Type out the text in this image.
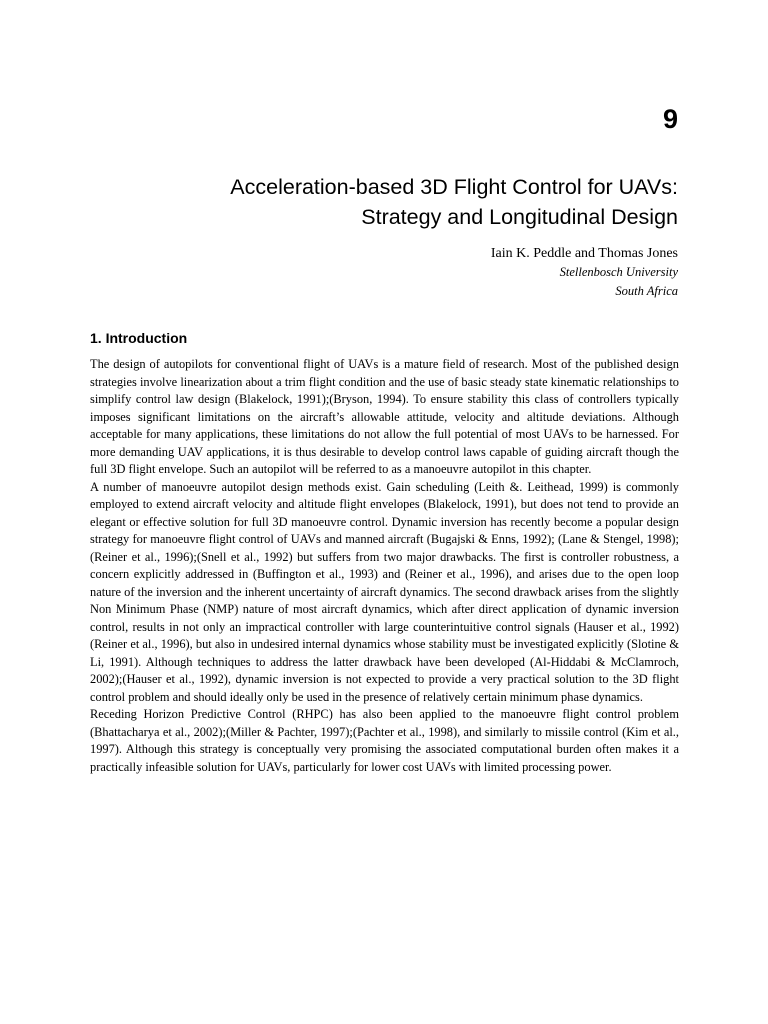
9
Acceleration-based 3D Flight Control for UAVs:
Strategy and Longitudinal Design
Iain K. Peddle and Thomas Jones
Stellenbosch University
South Africa
1. Introduction

The design of autopilots for conventional flight of UAVs is a mature field of research. Most of the published design strategies involve linearization about a trim flight condition and the use of basic steady state kinematic relationships to simplify control law design (Blakelock, 1991);(Bryson, 1994). To ensure stability this class of controllers typically imposes significant limitations on the aircraft’s allowable attitude, velocity and altitude deviations. Although acceptable for many applications, these limitations do not allow the full potential of most UAVs to be harnessed. For more demanding UAV applications, it is thus desirable to develop control laws capable of guiding aircraft though the full 3D flight envelope. Such an autopilot will be referred to as a manoeuvre autopilot in this chapter.

A number of manoeuvre autopilot design methods exist. Gain scheduling (Leith &. Leithead, 1999) is commonly employed to extend aircraft velocity and altitude flight envelopes (Blakelock, 1991), but does not tend to provide an elegant or effective solution for full 3D manoeuvre control. Dynamic inversion has recently become a popular design strategy for manoeuvre flight control of UAVs and manned aircraft (Bugajski & Enns, 1992); (Lane & Stengel, 1998);(Reiner et al., 1996);(Snell et al., 1992) but suffers from two major drawbacks. The first is controller robustness, a concern explicitly addressed in (Buffington et al., 1993) and (Reiner et al., 1996), and arises due to the open loop nature of the inversion and the inherent uncertainty of aircraft dynamics. The second drawback arises from the slightly Non Minimum Phase (NMP) nature of most aircraft dynamics, which after direct application of dynamic inversion control, results in not only an impractical controller with large counterintuitive control signals (Hauser et al., 1992) (Reiner et al., 1996), but also in undesired internal dynamics whose stability must be investigated explicitly (Slotine & Li, 1991). Although techniques to address the latter drawback have been developed (Al-Hiddabi & McClamroch, 2002);(Hauser et al., 1992), dynamic inversion is not expected to provide a very practical solution to the 3D flight control problem and should ideally only be used in the presence of relatively certain minimum phase dynamics.

Receding Horizon Predictive Control (RHPC) has also been applied to the manoeuvre flight control problem (Bhattacharya et al., 2002);(Miller & Pachter, 1997);(Pachter et al., 1998), and similarly to missile control (Kim et al., 1997). Although this strategy is conceptually very promising the associated computational burden often makes it a practically infeasible solution for UAVs, particularly for lower cost UAVs with limited processing power.
